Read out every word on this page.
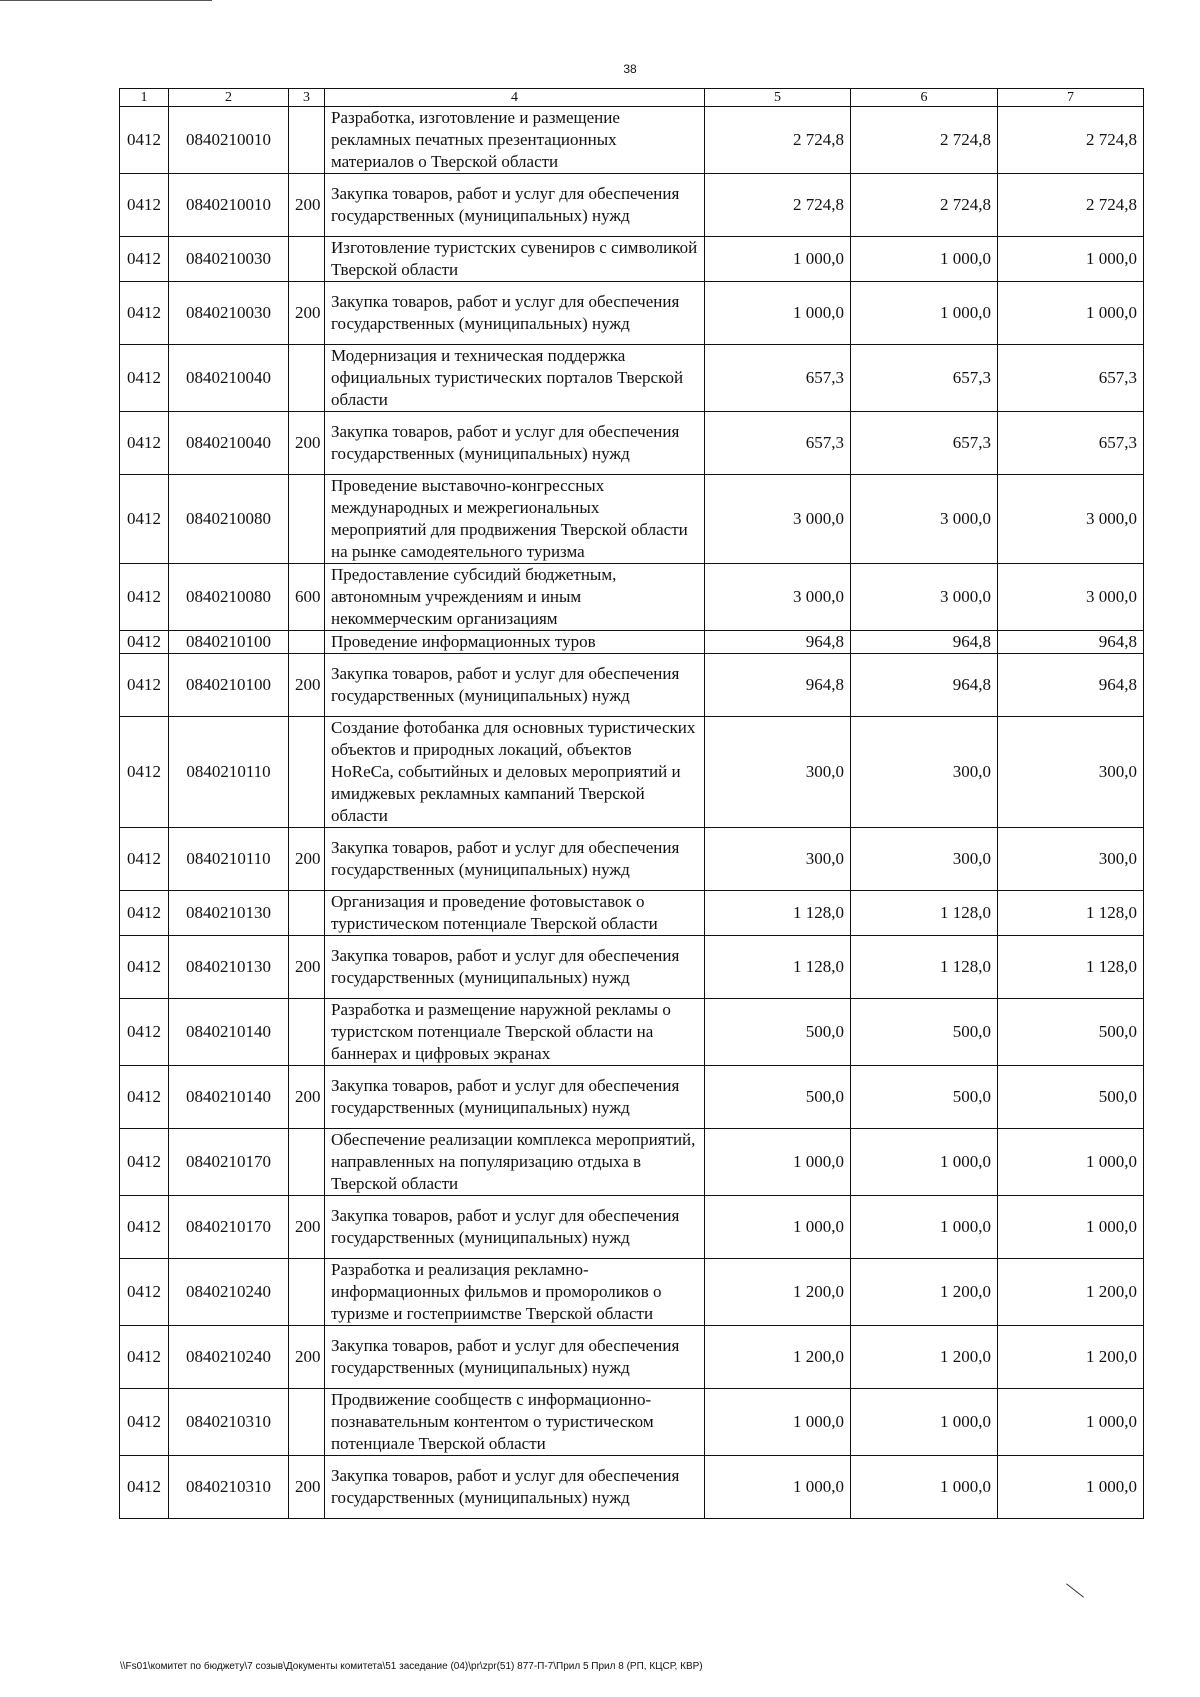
38
1	2	3	4	5	6	7
0412	0840210010		Разработка, изготовление и размещение рекламных печатных презентационных материалов о Тверской области	2 724,8	2 724,8	2 724,8
0412	0840210010	200	Закупка товаров, работ и услуг для обеспечения государственных (муниципальных) нужд	2 724,8	2 724,8	2 724,8
0412	0840210030		Изготовление туристских сувениров с символикой Тверской области	1 000,0	1 000,0	1 000,0
0412	0840210030	200	Закупка товаров, работ и услуг для обеспечения государственных (муниципальных) нужд	1 000,0	1 000,0	1 000,0
0412	0840210040		Модернизация и техническая поддержка официальных туристических порталов Тверской области	657,3	657,3	657,3
0412	0840210040	200	Закупка товаров, работ и услуг для обеспечения государственных (муниципальных) нужд	657,3	657,3	657,3
0412	0840210080		Проведение выставочно-конгрессных международных и межрегиональных мероприятий для продвижения Тверской области на рынке самодеятельного туризма	3 000,0	3 000,0	3 000,0
0412	0840210080	600	Предоставление субсидий бюджетным, автономным учреждениям и иным некоммерческим организациям	3 000,0	3 000,0	3 000,0
0412	0840210100		Проведение информационных туров	964,8	964,8	964,8
0412	0840210100	200	Закупка товаров, работ и услуг для обеспечения государственных (муниципальных) нужд	964,8	964,8	964,8
0412	0840210110		Создание фотобанка для основных туристических объектов и природных локаций, объектов HoReCa, событийных и деловых мероприятий и имиджевых рекламных кампаний Тверской области	300,0	300,0	300,0
0412	0840210110	200	Закупка товаров, работ и услуг для обеспечения государственных (муниципальных) нужд	300,0	300,0	300,0
0412	0840210130		Организация и проведение фотовыставок о туристическом потенциале Тверской области	1 128,0	1 128,0	1 128,0
0412	0840210130	200	Закупка товаров, работ и услуг для обеспечения государственных (муниципальных) нужд	1 128,0	1 128,0	1 128,0
0412	0840210140		Разработка и размещение наружной рекламы о туристском потенциале Тверской области на баннерах и цифровых экранах	500,0	500,0	500,0
0412	0840210140	200	Закупка товаров, работ и услуг для обеспечения государственных (муниципальных) нужд	500,0	500,0	500,0
0412	0840210170		Обеспечение реализации комплекса мероприятий, направленных на популяризацию отдыха в Тверской области	1 000,0	1 000,0	1 000,0
0412	0840210170	200	Закупка товаров, работ и услуг для обеспечения государственных (муниципальных) нужд	1 000,0	1 000,0	1 000,0
0412	0840210240		Разработка и реализация рекламно-информационных фильмов и промороликов о туризме и гостеприимстве Тверской области	1 200,0	1 200,0	1 200,0
0412	0840210240	200	Закупка товаров, работ и услуг для обеспечения государственных (муниципальных) нужд	1 200,0	1 200,0	1 200,0
0412	0840210310		Продвижение сообществ с информационно-познавательным контентом о туристическом потенциале Тверской области	1 000,0	1 000,0	1 000,0
0412	0840210310	200	Закупка товаров, работ и услуг для обеспечения государственных (муниципальных) нужд	1 000,0	1 000,0	1 000,0
\\Fs01\комитет по бюджету\7 созыв\Документы комитета\51 заседание (04)\pr\zpr(51) 877-П-7\Прил 5 Прил 8 (РП, КЦСР, КВР)
